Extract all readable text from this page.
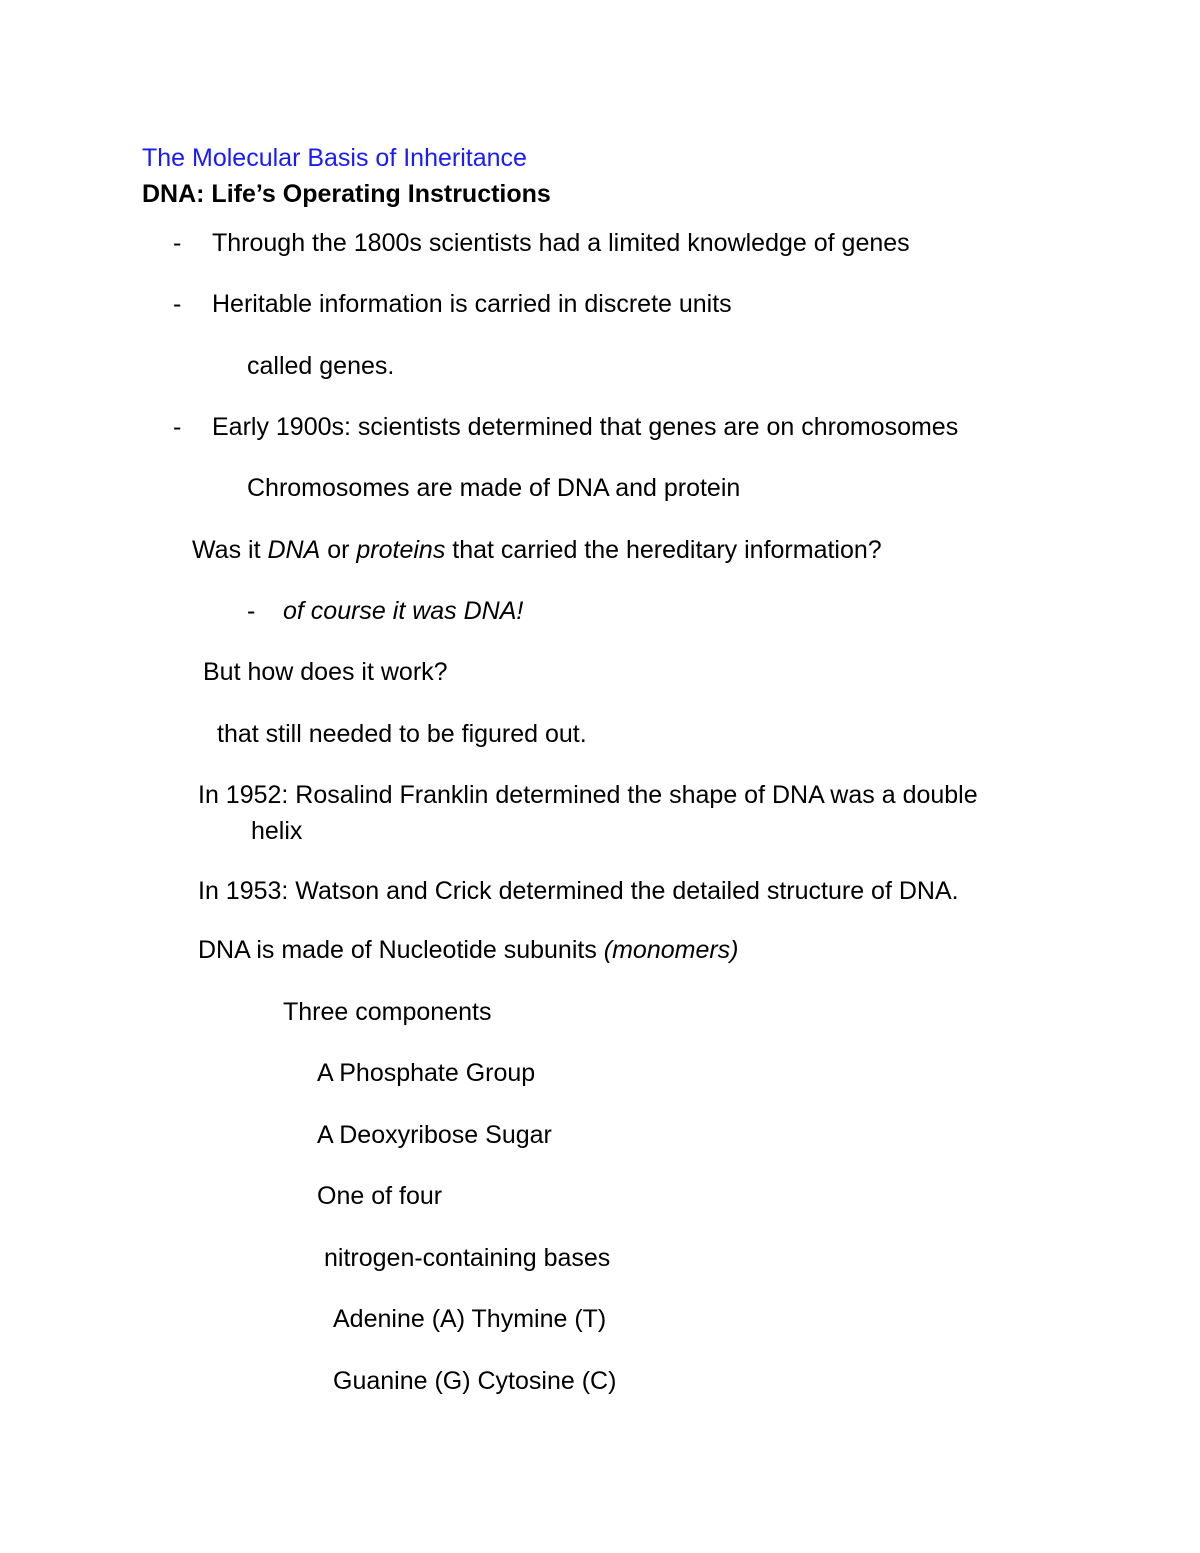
The Molecular Basis of Inheritance

DNA: Life’s Operating Instructions

- Through the 1800s scientists had a limited knowledge of genes

- Heritable information is carried in discrete units

called genes.

- Early 1900s: scientists determined that genes are on chromosomes

Chromosomes are made of DNA and protein

Was it DNA or proteins that carried the hereditary information?

- of course it was DNA!

But how does it work?

that still needed to be figured out.

In 1952: Rosalind Franklin determined the shape of DNA was a double

helix

In 1953: Watson and Crick determined the detailed structure of DNA.

DNA is made of Nucleotide subunits (monomers)

Three components

A Phosphate Group

A Deoxyribose Sugar

One of four

nitrogen-containing bases

Adenine (A) Thymine (T)

Guanine (G) Cytosine (C)
